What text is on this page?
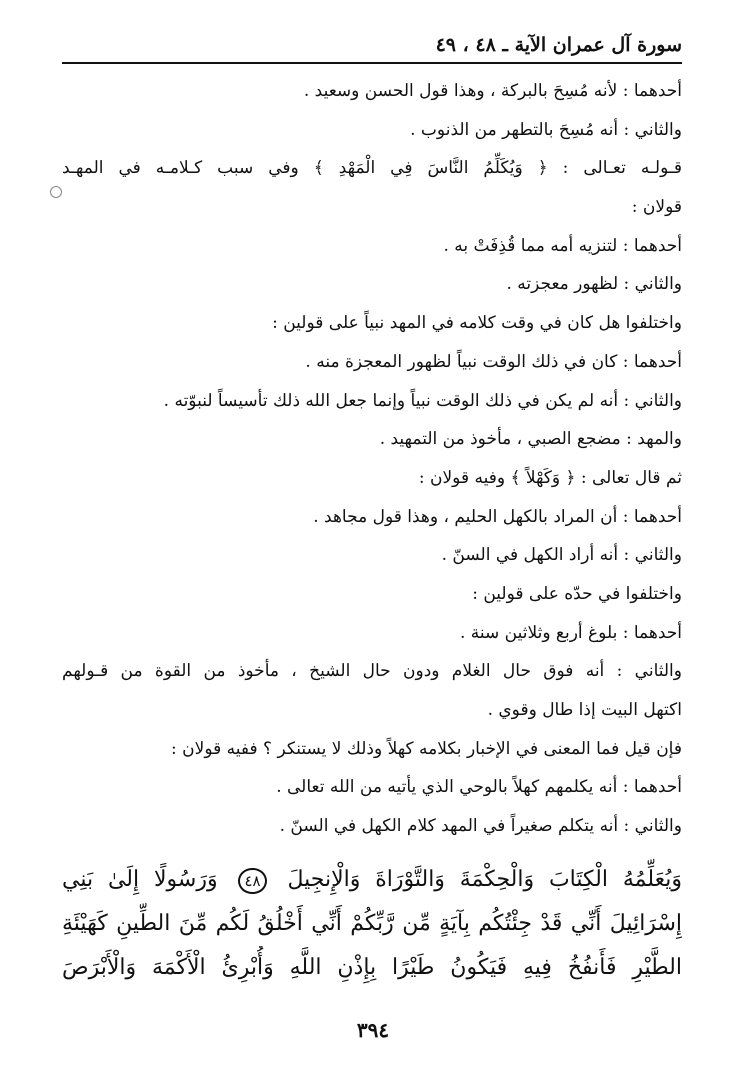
سورة آل عمران الآية ـ ٤٨ ، ٤٩
أحدهما : لأنه مُسِحَ بالبركة ، وهذا قول الحسن وسعيد .
والثاني : أنه مُسِحَ بالتطهر من الذنوب .
قـولـه تعـالى : ﴿ وَيُكَلِّمُ النَّاسَ فِي الْمَهْدِ ﴾ وفي سبب كـلامـه في المهـد
قولان :
أحدهما : لتنزيه أمه مما قُذِفَتْ به .
والثاني : لظهور معجزته .
واختلفوا هل كان في وقت كلامه في المهد نبياً على قولين :
أحدهما : كان في ذلك الوقت نبياً لظهور المعجزة منه .
والثاني : أنه لم يكن في ذلك الوقت نبياً وإنما جعل الله ذلك تأسيساً لنبوّته .
والمهد : مضجع الصبي ، مأخوذ من التمهيد .
ثم قال تعالى : ﴿ وَكَهْلاً ﴾ وفيه قولان :
أحدهما : أن المراد بالكهل الحليم ، وهذا قول مجاهد .
والثاني : أنه أراد الكهل في السنّ .
واختلفوا في حدّه على قولين :
أحدهما : بلوغ أربع وثلاثين سنة .
والثاني : أنه فوق حال الغلام ودون حال الشيخ ، مأخوذ من القوة من قـولهم
اكتهل البيت إذا طال وقوي .
فإن قيل فما المعنى في الإخبار بكلامه كهلاً وذلك لا يستنكر ؟ ففيه قولان :
أحدهما : أنه يكلمهم كهلاً بالوحي الذي يأتيه من الله تعالى .
والثاني : أنه يتكلم صغيراً في المهد كلام الكهل في السنّ .
وَيُعَلِّمُهُ الْكِتَابَ وَالْحِكْمَةَ وَالتَّوْرَاةَ وَالْإِنجِيلَ ٤٨ وَرَسُولًا إِلَىٰ بَنِي
إِسْرَائِيلَ أَنِّي قَدْ جِئْتُكُم بِآيَةٍ مِّن رَّبِّكُمْ أَنِّي أَخْلُقُ لَكُم مِّنَ الطِّينِ كَهَيْئَةِ
الطَّيْرِ فَأَنفُخُ فِيهِ فَيَكُونُ طَيْرًا بِإِذْنِ اللَّهِ وَأُبْرِئُ الْأَكْمَهَ وَالْأَبْرَصَ
٣٩٤
